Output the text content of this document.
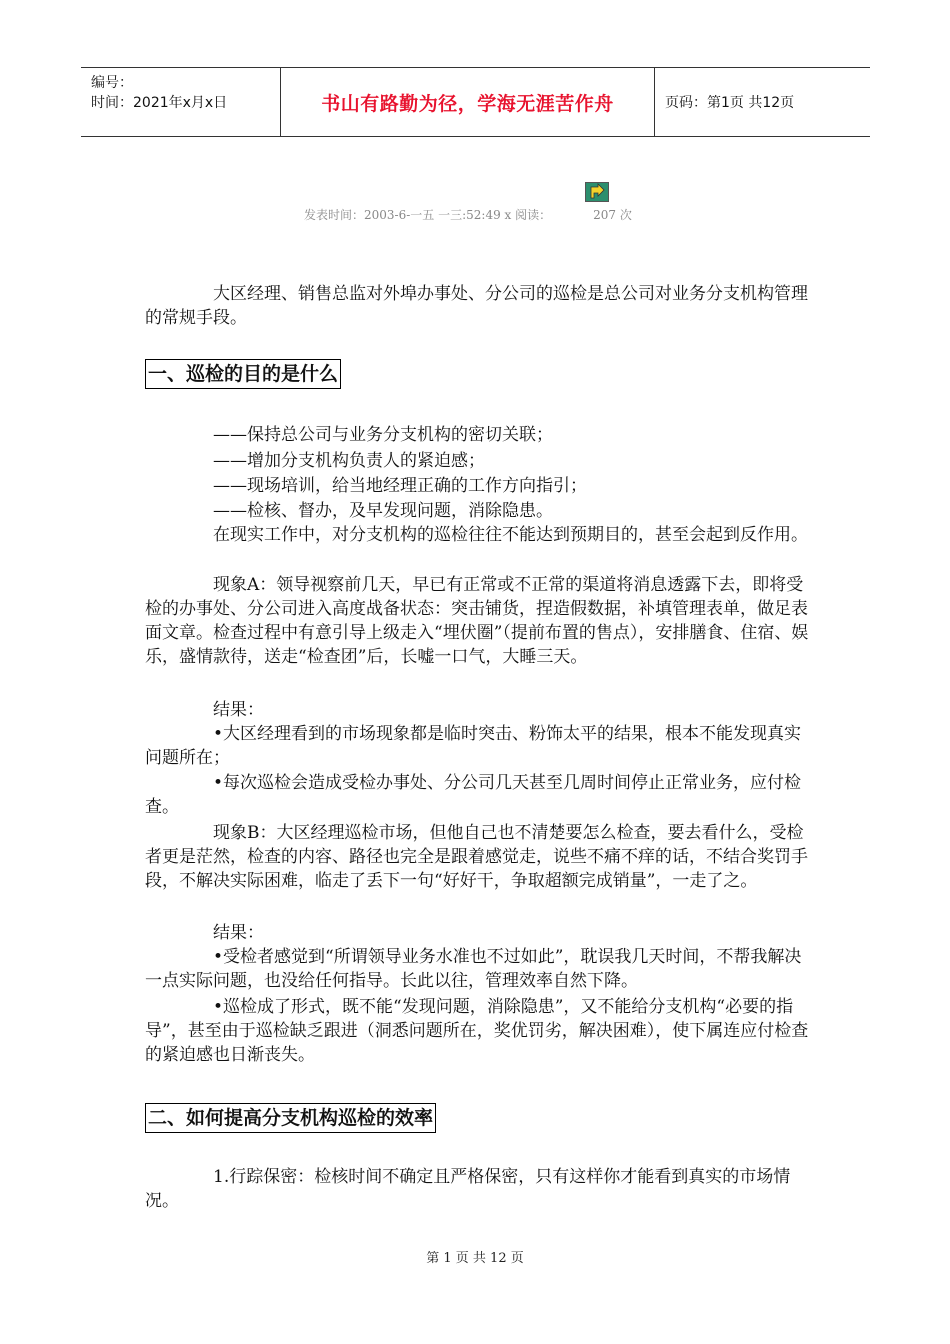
编号：
时间：2021年x月x日	书山有路勤为径，学海无涯苦作舟	页码：第1页 共12页
发表时间：2003-6-一五 一三:52:49 x 阅读：	207 次
大区经理、销售总监对外埠办事处、分公司的巡检是总公司对业务分支机构管理的常规手段。
一、巡检的目的是什么
——保持总公司与业务分支机构的密切关联；
——增加分支机构负责人的紧迫感；
——现场培训，给当地经理正确的工作方向指引；
——检核、督办，及早发现问题，消除隐患。
在现实工作中，对分支机构的巡检往往不能达到预期目的，甚至会起到反作用。
现象A：领导视察前几天，早已有正常或不正常的渠道将消息透露下去，即将受检的办事处、分公司进入高度战备状态：突击铺货，捏造假数据，补填管理表单，做足表面文章。检查过程中有意引导上级走入“埋伏圈”（提前布置的售点），安排膳食、住宿、娱乐，盛情款待，送走“检查团”后，长嘘一口气，大睡三天。
结果：
•大区经理看到的市场现象都是临时突击、粉饰太平的结果，根本不能发现真实问题所在；
•每次巡检会造成受检办事处、分公司几天甚至几周时间停止正常业务，应付检查。
现象B：大区经理巡检市场，但他自己也不清楚要怎么检查，要去看什么，受检者更是茫然，检查的内容、路径也完全是跟着感觉走，说些不痛不痒的话，不结合奖罚手段，不解决实际困难，临走了丢下一句“好好干，争取超额完成销量”，一走了之。
结果：
•受检者感觉到“所谓领导业务水准也不过如此”，耽误我几天时间，不帮我解决一点实际问题，也没给任何指导。长此以往，管理效率自然下降。
•巡检成了形式，既不能“发现问题，消除隐患”，又不能给分支机构“必要的指导”，甚至由于巡检缺乏跟进（洞悉问题所在，奖优罚劣，解决困难），使下属连应付检查的紧迫感也日渐丧失。
二、如何提高分支机构巡检的效率
1.行踪保密：检核时间不确定且严格保密，只有这样你才能看到真实的市场情况。
第 1 页 共 12 页
